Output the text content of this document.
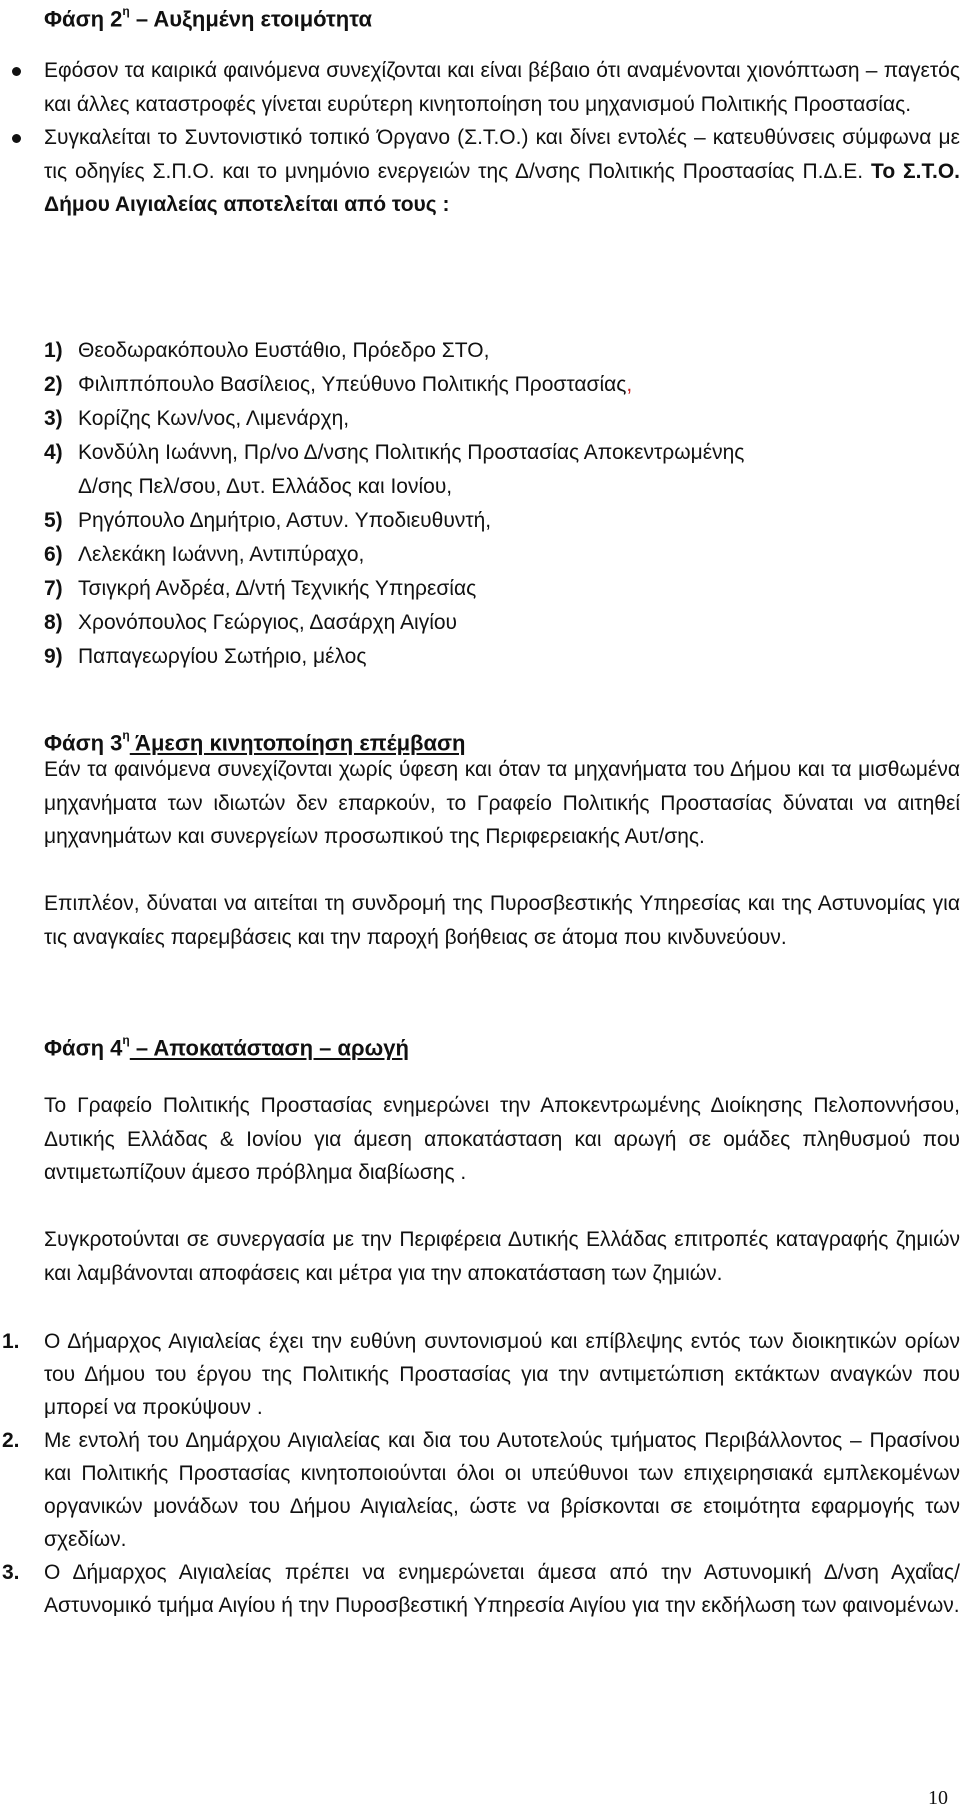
Φάση $2^\eta$ – Αυξημένη ετοιμότητα
Εφόσον τα καιρικά φαινόμενα συνεχίζονται και είναι βέβαιο ότι αναμένονται χιονόπτωση – παγετός και άλλες καταστροφές γίνεται ευρύτερη κινητοποίηση του μηχανισμού Πολιτικής Προστασίας.
Συγκαλείται το Συντονιστικό τοπικό Όργανο (Σ.Τ.Ο.) και δίνει εντολές – κατευθύνσεις σύμφωνα με τις οδηγίες Σ.Π.Ο. και το μνημόνιο ενεργειών της Δ/νσης Πολιτικής Προστασίας Π.Δ.Ε. Το Σ.Τ.Ο. Δήμου Αιγιαλείας αποτελείται από τους :
1) Θεοδωρακόπουλο Ευστάθιο, Πρόεδρο ΣΤΟ,
2) Φιλιππόπουλο Βασίλειος, Υπεύθυνο Πολιτικής Προστασίας,
3) Κορίζης Κων/νος, Λιμενάρχη,
4) Κονδύλη Ιωάννη, Πρ/νο Δ/νσης Πολιτικής Προστασίας Αποκεντρωμένης
Δ/σης Πελ/σου, Δυτ. Ελλάδος και Ιονίου,
5) Ρηγόπουλο Δημήτριο, Αστυν. Υποδιευθυντή,
6) Λελεκάκη Ιωάννη, Αντιπύραχο,
7) Τσιγκρή Ανδρέα, Δ/ντή Τεχνικής Υπηρεσίας
8) Χρονόπουλος Γεώργιος, Δασάρχη Αιγίου
9) Παπαγεωργίου Σωτήριο, μέλος
Φάση $3^\eta$ Άμεση κινητοποίηση επέμβαση
Εάν τα φαινόμενα συνεχίζονται χωρίς ύφεση και όταν τα μηχανήματα του Δήμου και τα μισθωμένα μηχανήματα των ιδιωτών δεν επαρκούν, το Γραφείο Πολιτικής Προστασίας δύναται να αιτηθεί μηχανημάτων και συνεργείων προσωπικού της Περιφερειακής Αυτ/σης.
Επιπλέον, δύναται να αιτείται τη συνδρομή της Πυροσβεστικής Υπηρεσίας και της Αστυνομίας για τις αναγκαίες παρεμβάσεις και την παροχή βοήθειας σε άτομα που κινδυνεύουν.
Φάση $4^\eta$ – Αποκατάσταση – αρωγή
Το Γραφείο Πολιτικής Προστασίας ενημερώνει την Αποκεντρωμένης Διοίκησης Πελοποννήσου, Δυτικής Ελλάδας & Ιονίου για άμεση αποκατάσταση και αρωγή σε ομάδες πληθυσμού που αντιμετωπίζουν άμεσο πρόβλημα διαβίωσης .
Συγκροτούνται σε συνεργασία με την Περιφέρεια Δυτικής Ελλάδας επιτροπές καταγραφής ζημιών και λαμβάνονται αποφάσεις και μέτρα για την αποκατάσταση των ζημιών.
1. Ο Δήμαρχος Αιγιαλείας έχει την ευθύνη συντονισμού και επίβλεψης εντός των διοικητικών ορίων του Δήμου του έργου της Πολιτικής Προστασίας για την αντιμετώπιση εκτάκτων αναγκών που μπορεί να προκύψουν .
2. Με εντολή του Δημάρχου Αιγιαλείας και δια του Αυτοτελούς τμήματος Περιβάλλοντος – Πρασίνου και Πολιτικής Προστασίας κινητοποιούνται όλοι οι υπεύθυνοι των επιχειρησιακά εμπλεκομένων οργανικών μονάδων του Δήμου Αιγιαλείας, ώστε να βρίσκονται σε ετοιμότητα εφαρμογής των σχεδίων.
3. Ο Δήμαρχος Αιγιαλείας πρέπει να ενημερώνεται άμεσα από την Αστυνομική Δ/νση Αχαΐας/ Αστυνομικό τμήμα Αιγίου ή την Πυροσβεστική Υπηρεσία Αιγίου για την εκδήλωση των φαινομένων.
10
